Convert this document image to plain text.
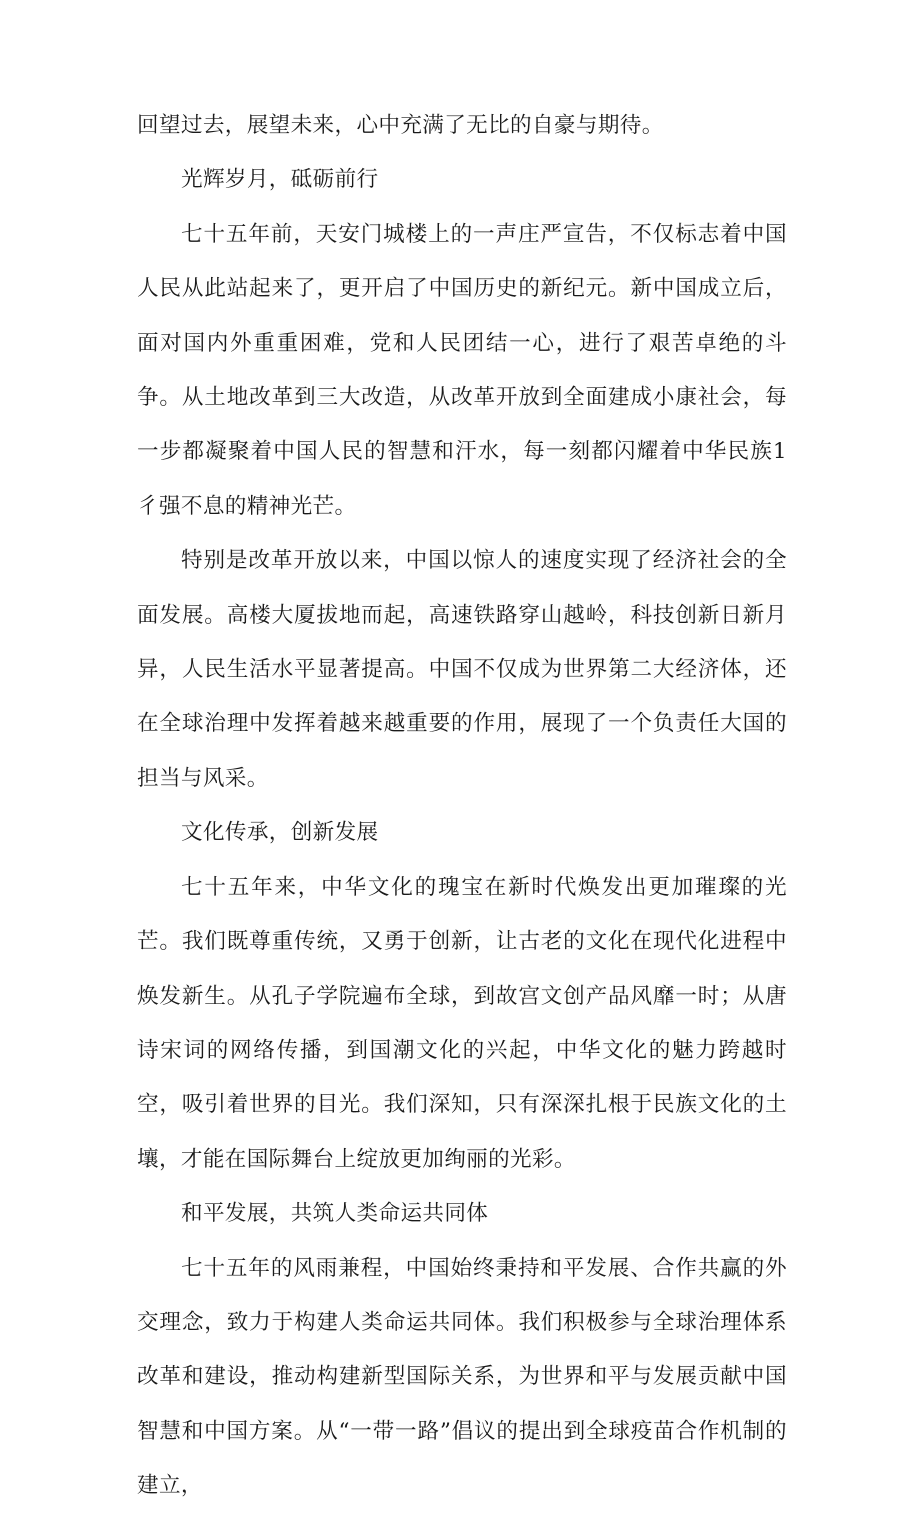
回望过去，展望未来，心中充满了无比的自豪与期待。

光辉岁月，砥砺前行

七十五年前，天安门城楼上的一声庄严宣告，不仅标志着中国人民从此站起来了，更开启了中国历史的新纪元。新中国成立后，面对国内外重重困难，党和人民团结一心，进行了艰苦卓绝的斗争。从土地改革到三大改造，从改革开放到全面建成小康社会，每一步都凝聚着中国人民的智慧和汗水，每一刻都闪耀着中华民族1彳强不息的精神光芒。

特别是改革开放以来，中国以惊人的速度实现了经济社会的全面发展。高楼大厦拔地而起，高速铁路穿山越岭，科技创新日新月异，人民生活水平显著提高。中国不仅成为世界第二大经济体，还在全球治理中发挥着越来越重要的作用，展现了一个负责任大国的担当与风采。

文化传承，创新发展

七十五年来，中华文化的瑰宝在新时代焕发出更加璀璨的光芒。我们既尊重传统，又勇于创新，让古老的文化在现代化进程中焕发新生。从孔子学院遍布全球，到故宫文创产品风靡一时；从唐诗宋词的网络传播，到国潮文化的兴起，中华文化的魅力跨越时空，吸引着世界的目光。我们深知，只有深深扎根于民族文化的土壤，才能在国际舞台上绽放更加绚丽的光彩。

和平发展，共筑人类命运共同体

七十五年的风雨兼程，中国始终秉持和平发展、合作共赢的外交理念，致力于构建人类命运共同体。我们积极参与全球治理体系改革和建设，推动构建新型国际关系，为世界和平与发展贡献中国智慧和中国方案。从“一带一路”倡议的提出到全球疫苗合作机制的建立，
